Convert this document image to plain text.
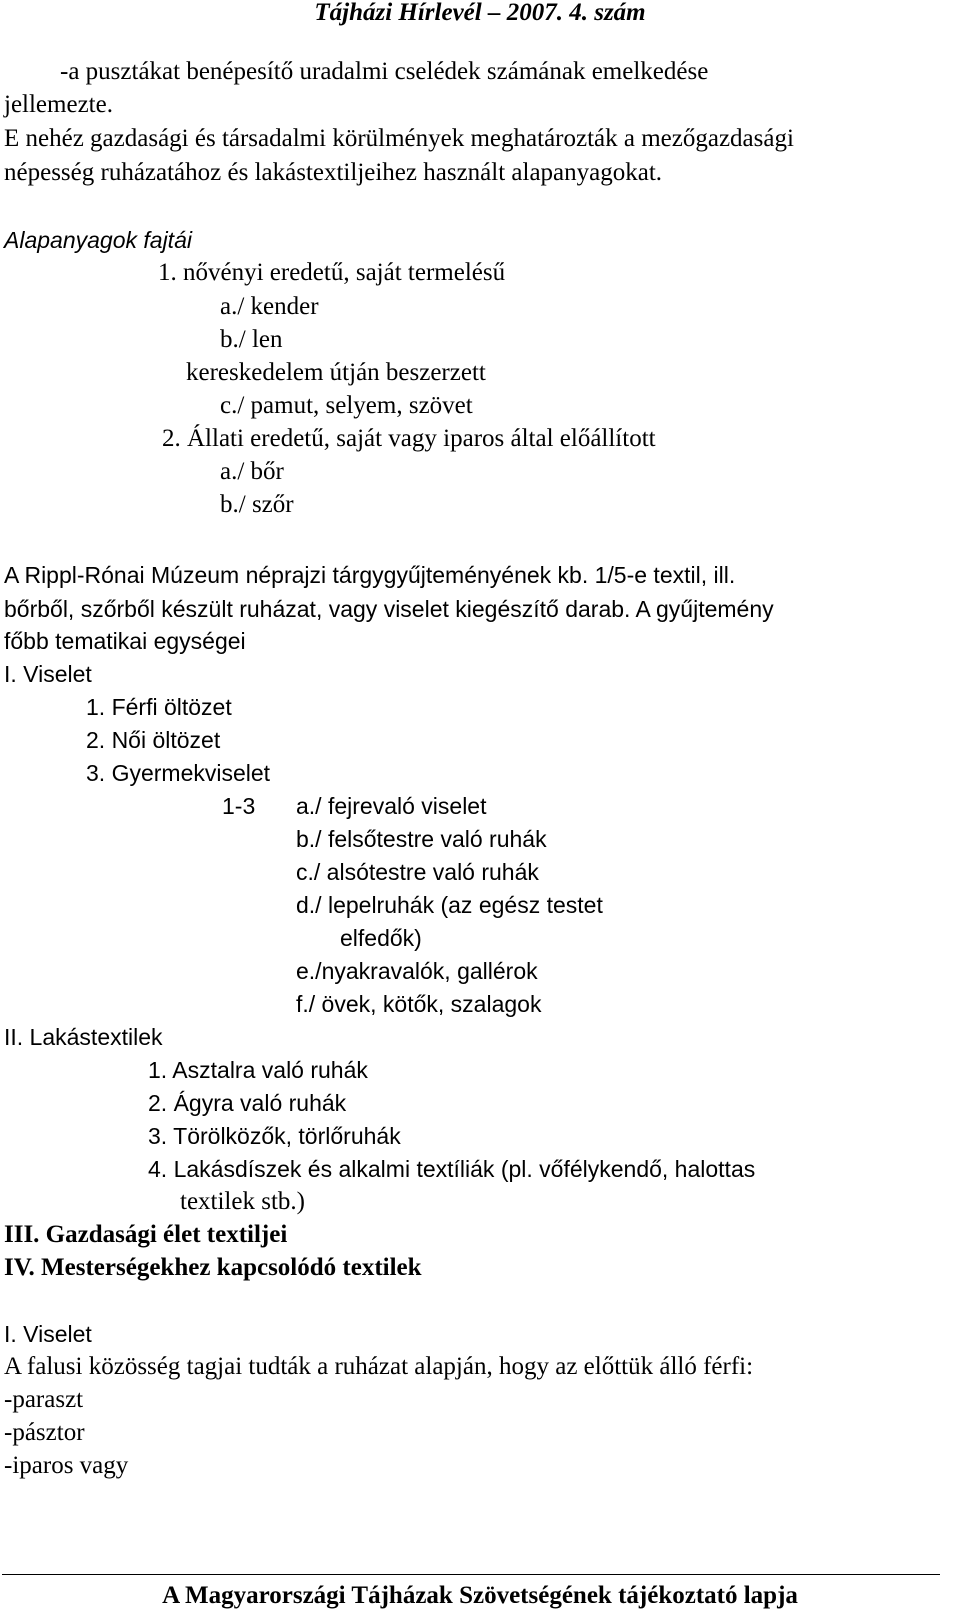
Tájházi Hírlevél – 2007. 4. szám
-a pusztákat benépesítő uradalmi cselédek számának emelkedése
jellemezte.
E nehéz gazdasági és társadalmi körülmények meghatározták a mezőgazdasági
népesség ruházatához és lakástextiljeihez használt alapanyagokat.
Alapanyagok fajtái
1. nővényi eredetű, saját termelésű
a./ kender
b./ len
kereskedelem útján beszerzett
c./ pamut, selyem, szövet
2. Állati eredetű, saját vagy iparos által előállított
a./ bőr
b./ szőr
A Rippl-Rónai Múzeum néprajzi tárgygyűjteményének kb. 1/5-e textil, ill.
bőrből, szőrből készült ruházat, vagy viselet kiegészítő darab. A gyűjtemény
főbb tematikai egységei
I. Viselet
1. Férfi öltözet
2. Női öltözet
3. Gyermekviselet
1-3 a./ fejrevaló viselet
b./ felsőtestre való ruhák
c./ alsótestre való ruhák
d./ lepelruhák (az egész testet
elfedők)
e./nyakravalók, gallérok
f./ övek, kötők, szalagok
II. Lakástextilek
1. Asztalra való ruhák
2. Ágyra való ruhák
3. Törölközők, törlőruhák
4. Lakásdíszek és alkalmi textíliák (pl. vőfélykendő, halottas
textilek stb.)
III. Gazdasági élet textiljei
IV. Mesterségekhez kapcsolódó textilek
I. Viselet
A falusi közösség tagjai tudták a ruházat alapján, hogy az előttük álló férfi:
-paraszt
-pásztor
-iparos vagy
A Magyarországi Tájházak Szövetségének tájékoztató lapja
